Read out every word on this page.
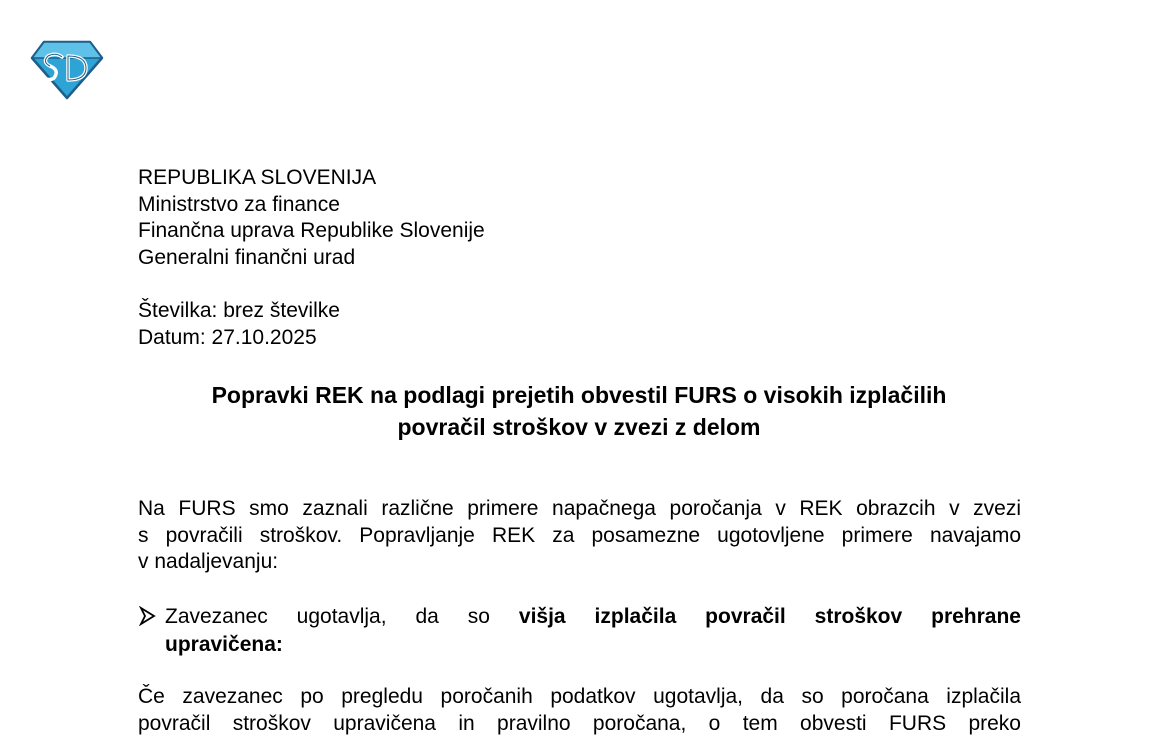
REPUBLIKA SLOVENIJA
Ministrstvo za finance
Finančna uprava Republike Slovenije
Generalni finančni urad
Številka: brez številke
Datum: 27.10.2025
Popravki REK na podlagi prejetih obvestil FURS o visokih izplačilih
povračil stroškov v zvezi z delom
Na FURS smo zaznali različne primere napačnega poročanja v REK obrazcih v zvezi
s povračili stroškov. Popravljanje REK za posamezne ugotovljene primere navajamo
v nadaljevanju:
Zavezanec ugotavlja, da so višja izplačila povračil stroškov prehrane
upravičena:
Če zavezanec po pregledu poročanih podatkov ugotavlja, da so poročana izplačila
povračil stroškov upravičena in pravilno poročana, o tem obvesti FURS preko
